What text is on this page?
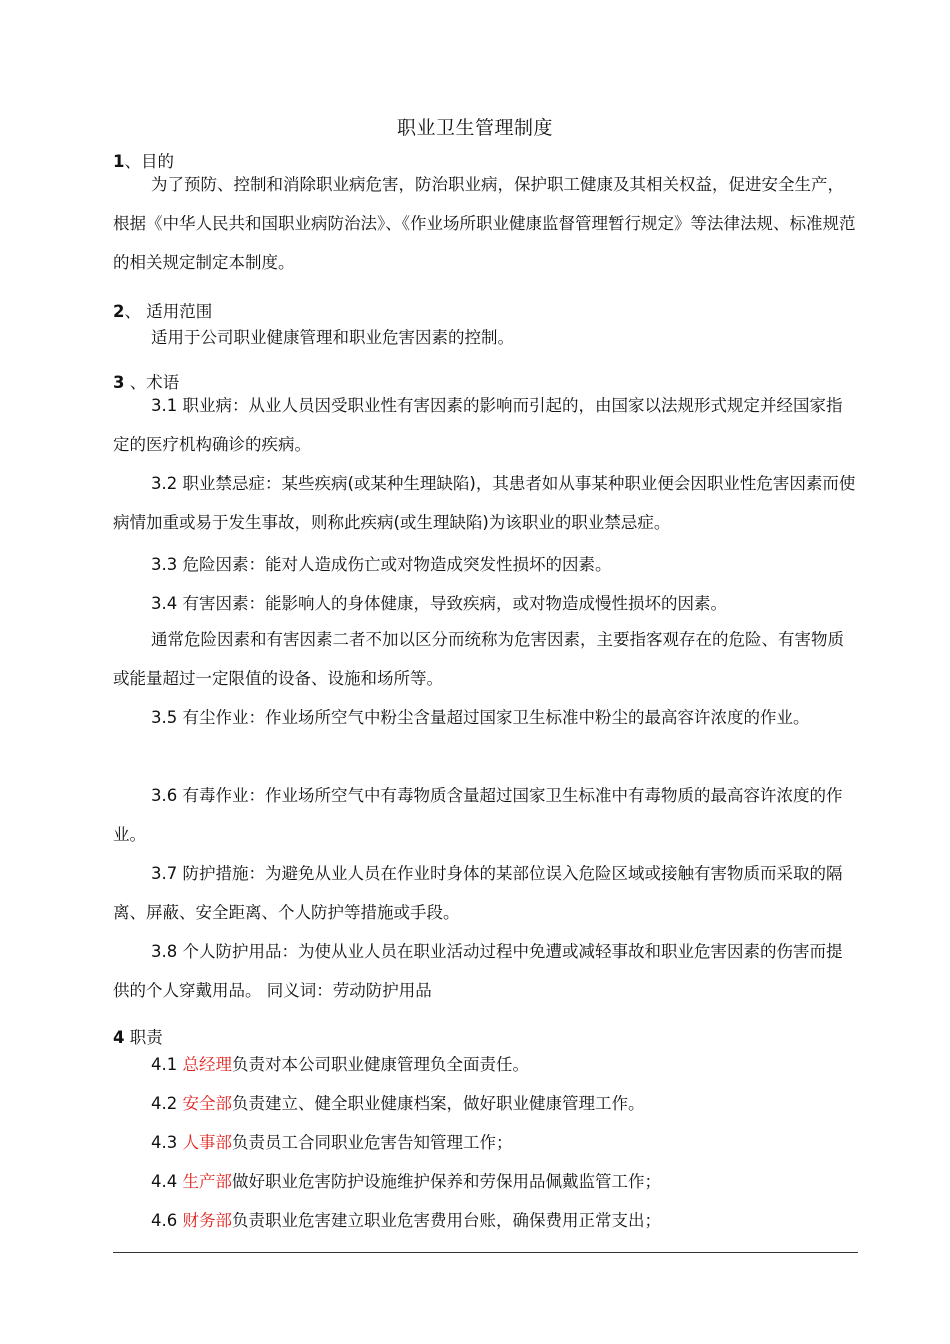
职业卫生管理制度
1、目的
为了预防、控制和消除职业病危害，防治职业病，保护职工健康及其相关权益，促进安全生产，根据《中华人民共和国职业病防治法》、《作业场所职业健康监督管理暂行规定》等法律法规、标准规范的相关规定制定本制度。
2、 适用范围
适用于公司职业健康管理和职业危害因素的控制。
3 、术语
3.1 职业病：从业人员因受职业性有害因素的影响而引起的，由国家以法规形式规定并经国家指定的医疗机构确诊的疾病。
3.2 职业禁忌症：某些疾病(或某种生理缺陷)，其患者如从事某种职业便会因职业性危害因素而使病情加重或易于发生事故，则称此疾病(或生理缺陷)为该职业的职业禁忌症。
3.3 危险因素：能对人造成伤亡或对物造成突发性损坏的因素。
3.4 有害因素：能影响人的身体健康，导致疾病，或对物造成慢性损坏的因素。
通常危险因素和有害因素二者不加以区分而统称为危害因素，主要指客观存在的危险、有害物质或能量超过一定限值的设备、设施和场所等。
3.5 有尘作业：作业场所空气中粉尘含量超过国家卫生标准中粉尘的最高容许浓度的作业。
3.6 有毒作业：作业场所空气中有毒物质含量超过国家卫生标准中有毒物质的最高容许浓度的作业。
3.7 防护措施：为避免从业人员在作业时身体的某部位误入危险区域或接触有害物质而采取的隔离、屏蔽、安全距离、个人防护等措施或手段。
3.8 个人防护用品：为使从业人员在职业活动过程中免遭或减轻事故和职业危害因素的伤害而提供的个人穿戴用品。 同义词：劳动防护用品
4 职责
4.1 总经理负责对本公司职业健康管理负全面责任。
4.2 安全部负责建立、健全职业健康档案，做好职业健康管理工作。
4.3 人事部负责员工合同职业危害告知管理工作；
4.4 生产部做好职业危害防护设施维护保养和劳保用品佩戴监管工作；
4.6 财务部负责职业危害建立职业危害费用台账，确保费用正常支出；
